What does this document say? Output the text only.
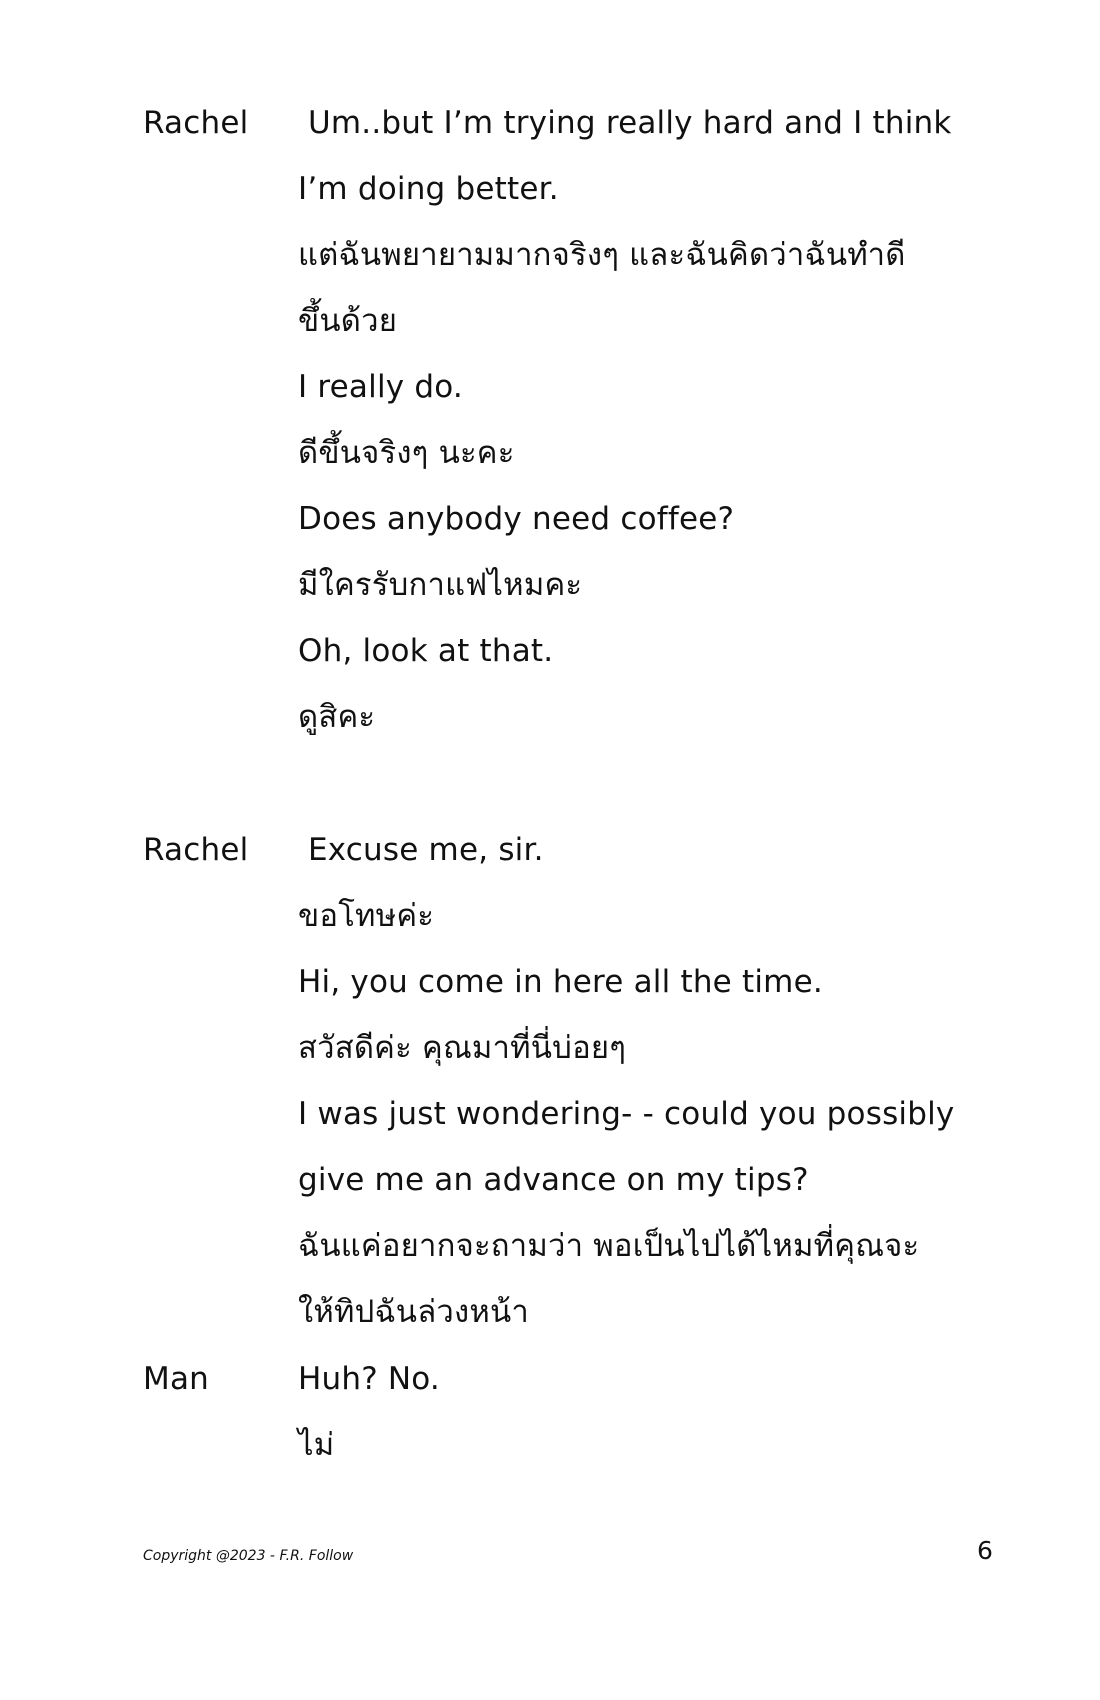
Rachel Um..but I’m trying really hard and I think
I’m doing better.
แต่ฉันพยายามมากจริงๆ และฉันคิดว่าฉันทำดี
ขึ้นด้วย
I really do.
ดีขึ้นจริงๆ นะคะ
Does anybody need coffee?
มีใครรับกาแฟไหมคะ
Oh, look at that.
ดูสิคะ
Rachel Excuse me, sir.
ขอโทษค่ะ
Hi, you come in here all the time.
สวัสดีค่ะ คุณมาที่นี่บ่อยๆ
I was just wondering- - could you possibly
give me an advance on my tips?
ฉันแค่อยากจะถามว่า พอเป็นไปได้ไหมที่คุณจะ
ให้ทิปฉันล่วงหน้า
Man	Huh? No.
ไม่
Copyright @2023 - F.R. Follow	6
